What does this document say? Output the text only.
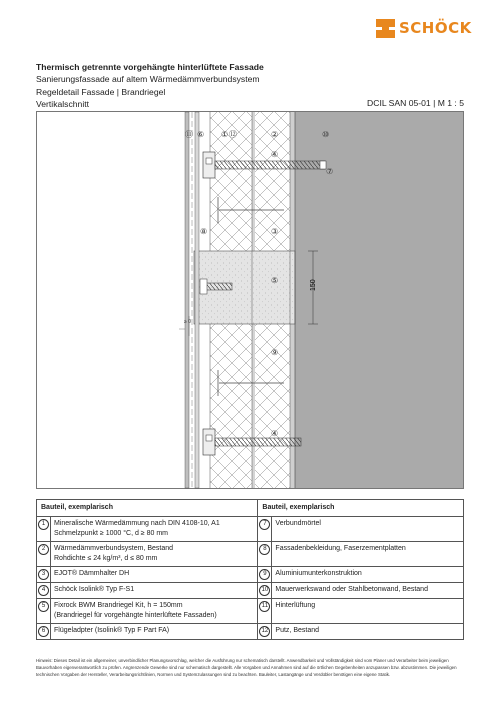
SCHÖCK
Thermisch getrennte vorgehängte hinterlüftete Fassade
Sanierungsfassade auf altem Wärmedämmverbundsystem
Regeldetail Fassade | Brandriegel
Vertikalschnitt	DCIL SAN 05-01 | M 1 : 5
150
⑪ ⑥ ① ⑫	②	⑩
④
⑦
⑧	③
⑤
⑨
④
≥ 0
Bauteil, exemplarisch		Bauteil, exemplarisch	
1	Mineralische Wärmedämmung nach DIN 4108-10, A1
Schmelzpunkt ≥ 1000 °C, d ≥ 80 mm	7	Verbundmörtel
2	Wärmedämmverbundsystem, Bestand
Rohdichte ≤ 24 kg/m³, d ≤ 80 mm	8	Fassadenbekleidung, Faserzementplatten
3	EJOT® Dämmhalter DH	9	Aluminiumunterkonstruktion
4	Schöck Isolink® Typ F-S1	10	Mauerwerkswand oder Stahlbetonwand, Bestand
5	Fixrock BWM Brandriegel Kit, h = 150mm
(Brandriegel für vorgehängte hinterlüftete Fassaden)	11	Hinterlüftung
6	Flügeladpter (Isolink® Typ F Part FA)	12	Putz, Bestand
Hinweis: Dieses Detail ist ein allgemeiner, unverbindlicher Planungsvorschlag, welcher die Ausführung nur schematisch darstellt. Anwendbarkeit und Vollständigkeit sind vom Planer und Verarbeiter beim jeweiligen Bauvorhaben eigenverantwortlich zu prüfen. Angrenzende Gewerke sind nur schematisch dargestellt. Alle Vorgaben und Annahmen sind auf die örtlichen Gegebenheiten anzupassen bzw. abzustimmen. Die jeweiligen technischen Vorgaben der Hersteller, Verarbeitungsrichtlinien, Normen und Systemzulassungen sind zu beachten. Bauleiter, Lastangänge und Verdübler benötigen eine eigene Statik.
